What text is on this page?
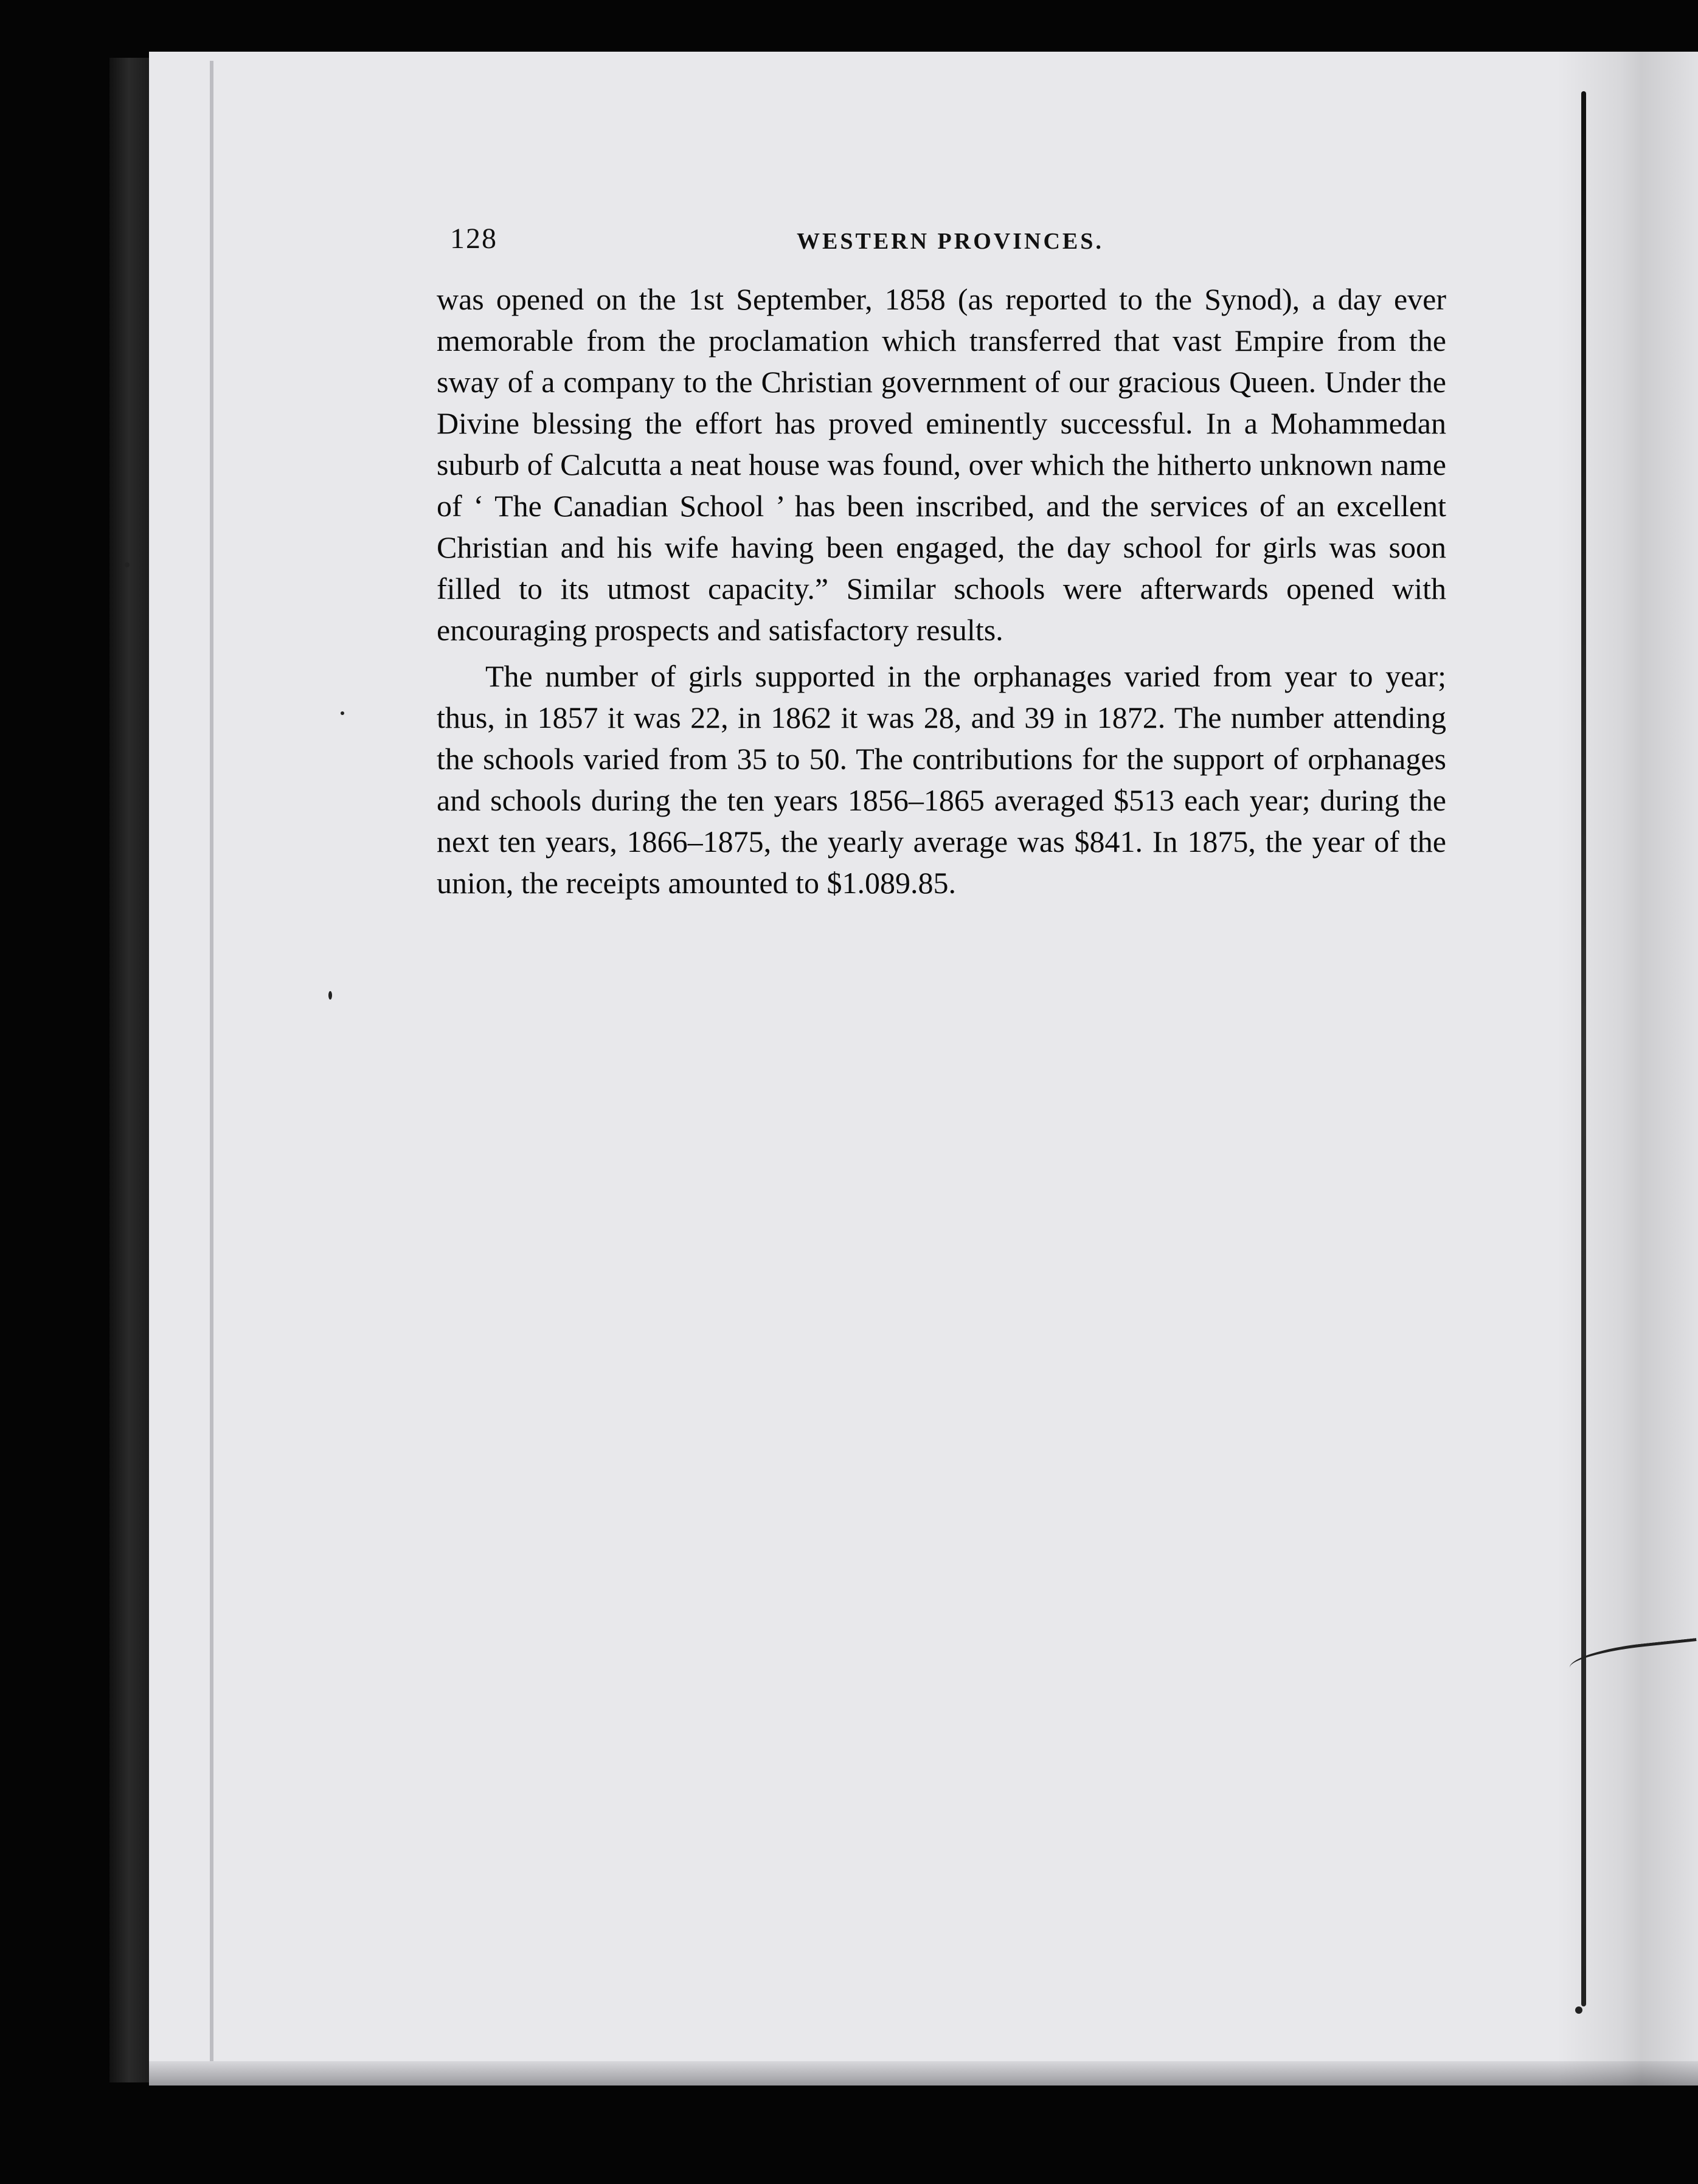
128	WESTERN PROVINCES.

was opened on the 1st September, 1858 (as reported to the Synod), a day ever memorable from the proclamation which transferred that vast Empire from the sway of a company to the Christian government of our gracious Queen. Under the Divine blessing the effort has proved eminently successful. In a Mohammedan suburb of Calcutta a neat house was found, over which the hitherto unknown name of ‘ The Canadian School ’ has been inscribed, and the services of an excellent Christian and his wife having been engaged, the day school for girls was soon filled to its utmost capacity.” Similar schools were afterwards opened with encouraging prospects and satisfactory results.

The number of girls supported in the orphanages varied from year to year; thus, in 1857 it was 22, in 1862 it was 28, and 39 in 1872. The number attending the schools varied from 35 to 50. The contributions for the support of orphanages and schools during the ten years 1856–1865 averaged $513 each year; during the next ten years, 1866–1875, the yearly average was $841. In 1875, the year of the union, the receipts amounted to $1.089.85.
